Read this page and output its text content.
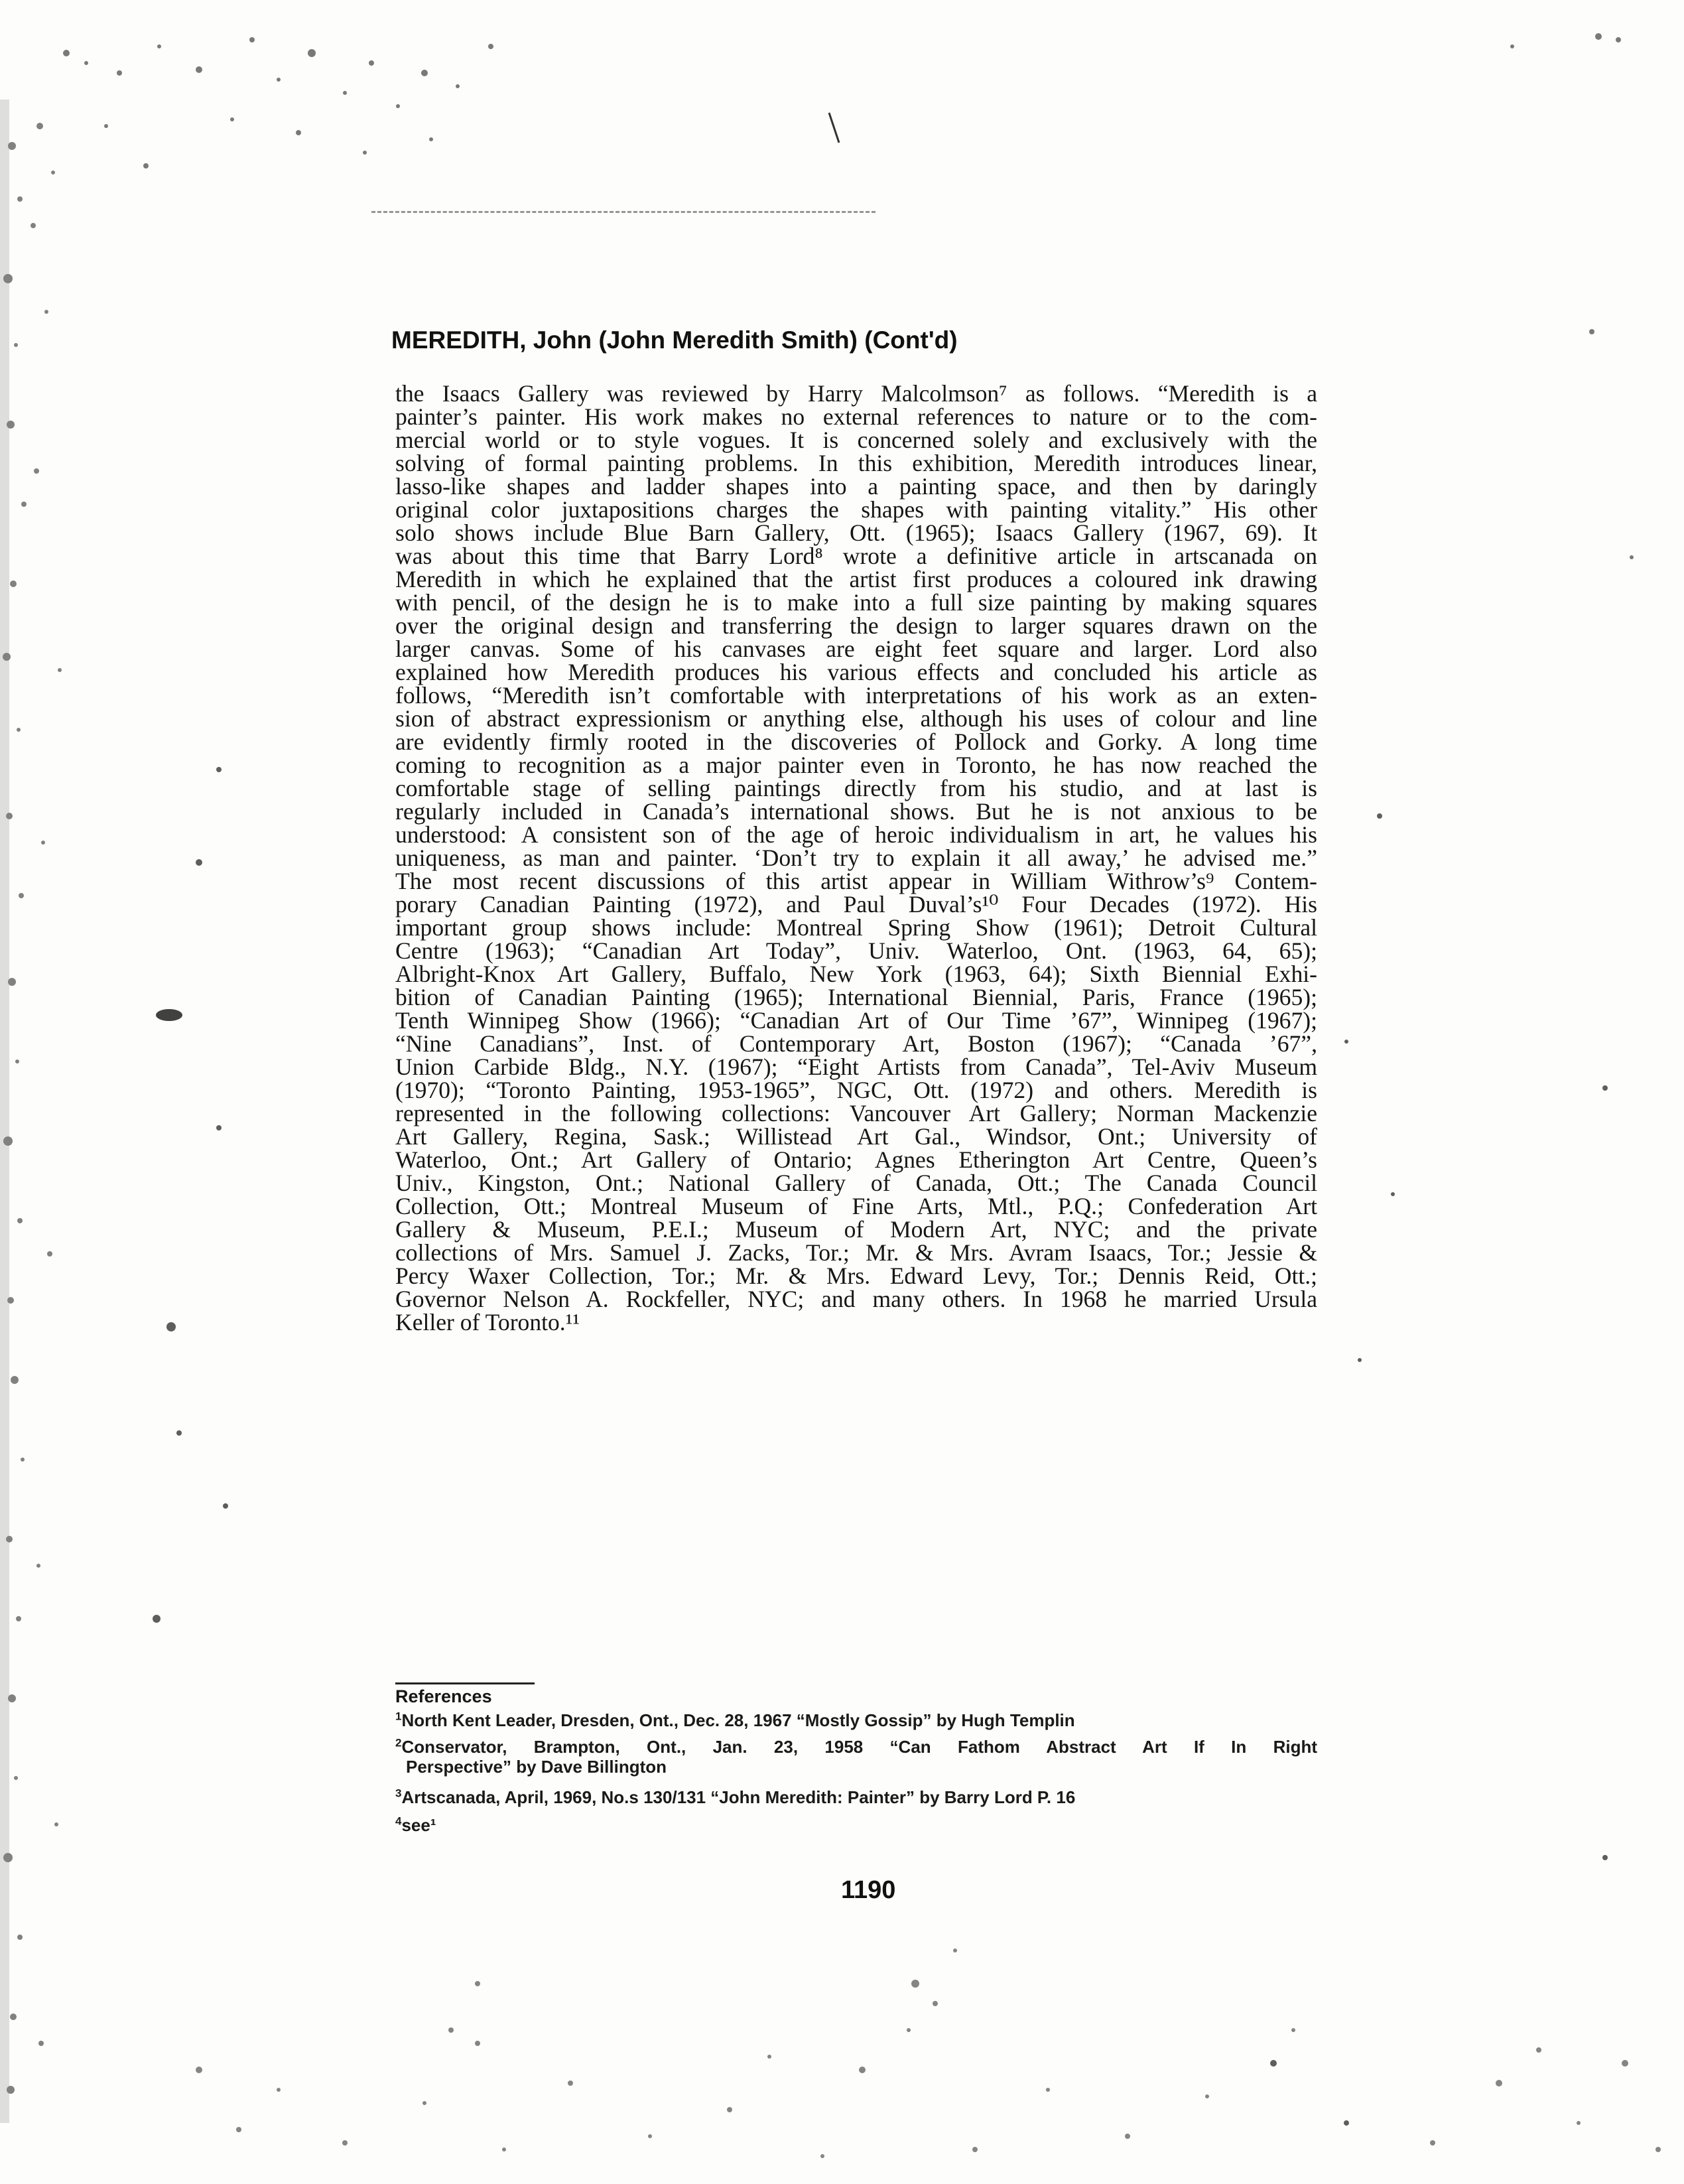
MEREDITH, John (John Meredith Smith) (Cont'd)
the Isaacs Gallery was reviewed by Harry Malcolmson⁷ as follows. “Meredith is a
painter’s painter. His work makes no external references to nature or to the com-
mercial world or to style vogues. It is concerned solely and exclusively with the
solving of formal painting problems. In this exhibition, Meredith introduces linear,
lasso-like shapes and ladder shapes into a painting space, and then by daringly
original color juxtapositions charges the shapes with painting vitality.” His other
solo shows include Blue Barn Gallery, Ott. (1965); Isaacs Gallery (1967, 69). It
was about this time that Barry Lord⁸ wrote a definitive article in artscanada on
Meredith in which he explained that the artist first produces a coloured ink drawing
with pencil, of the design he is to make into a full size painting by making squares
over the original design and transferring the design to larger squares drawn on the
larger canvas. Some of his canvases are eight feet square and larger. Lord also
explained how Meredith produces his various effects and concluded his article as
follows, “Meredith isn’t comfortable with interpretations of his work as an exten-
sion of abstract expressionism or anything else, although his uses of colour and line
are evidently firmly rooted in the discoveries of Pollock and Gorky. A long time
coming to recognition as a major painter even in Toronto, he has now reached the
comfortable stage of selling paintings directly from his studio, and at last is
regularly included in Canada’s international shows. But he is not anxious to be
understood: A consistent son of the age of heroic individualism in art, he values his
uniqueness, as man and painter. ‘Don’t try to explain it all away,’ he advised me.”
The most recent discussions of this artist appear in William Withrow’s⁹ Contem-
porary Canadian Painting (1972), and Paul Duval’s¹⁰ Four Decades (1972). His
important group shows include: Montreal Spring Show (1961); Detroit Cultural
Centre (1963); “Canadian Art Today”, Univ. Waterloo, Ont. (1963, 64, 65);
Albright-Knox Art Gallery, Buffalo, New York (1963, 64); Sixth Biennial Exhi-
bition of Canadian Painting (1965); International Biennial, Paris, France (1965);
Tenth Winnipeg Show (1966); “Canadian Art of Our Time ’67”, Winnipeg (1967);
“Nine Canadians”, Inst. of Contemporary Art, Boston (1967); “Canada ’67”,
Union Carbide Bldg., N.Y. (1967); “Eight Artists from Canada”, Tel-Aviv Museum
(1970); “Toronto Painting, 1953-1965”, NGC, Ott. (1972) and others. Meredith is
represented in the following collections: Vancouver Art Gallery; Norman Mackenzie
Art Gallery, Regina, Sask.; Willistead Art Gal., Windsor, Ont.; University of
Waterloo, Ont.; Art Gallery of Ontario; Agnes Etherington Art Centre, Queen’s
Univ., Kingston, Ont.; National Gallery of Canada, Ott.; The Canada Council
Collection, Ott.; Montreal Museum of Fine Arts, Mtl., P.Q.; Confederation Art
Gallery & Museum, P.E.I.; Museum of Modern Art, NYC; and the private
collections of Mrs. Samuel J. Zacks, Tor.; Mr. & Mrs. Avram Isaacs, Tor.; Jessie &
Percy Waxer Collection, Tor.; Mr. & Mrs. Edward Levy, Tor.; Dennis Reid, Ott.;
Governor Nelson A. Rockfeller, NYC; and many others. In 1968 he married Ursula
Keller of Toronto.¹¹
References
$^1$North Kent Leader, Dresden, Ont., Dec. 28, 1967 “Mostly Gossip” by Hugh Templin
$^2$Conservator, Brampton, Ont., Jan. 23, 1958 “Can Fathom Abstract Art If In Right
Perspective” by Dave Billington
$^3$Artscanada, April, 1969, No.s 130/131 “John Meredith: Painter” by Barry Lord P. 16
$^4$see¹
1190
